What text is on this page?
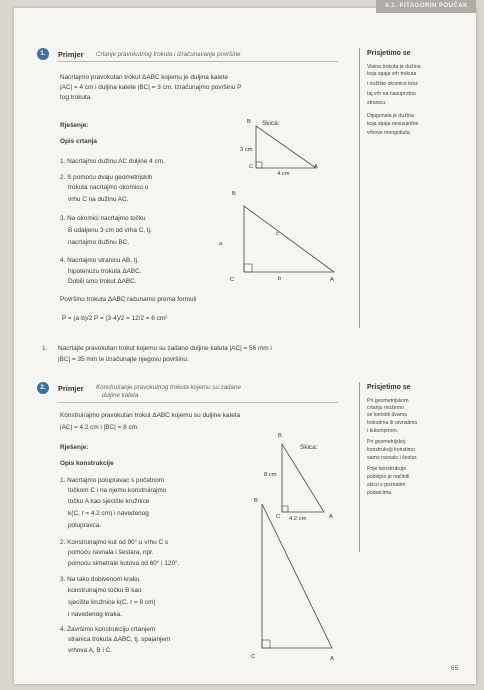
8.1. PITAGORIN POUČAK
1.	Primjer Crtanje pravokutnog trokuta i izračunavanje površine
Nacrtajmo pravokutan trokut ΔABC kojemu je duljina katete
|AC| = 4 cm i duljina katete |BC| = 3 cm. Izračunajmo površinu P
tog trokuta.
Rješenje:
Opis crtanja
1. Nacrtajmo dužinu AC duljine 4 cm.
2. S pomoću dvaju geometrijskih
trokuta nacrtajmo okomicu u
vrhu C na dužinu AC.
3. Na okomici nacrtajmo točku
B udaljenu 3 cm od vrha C, tj.
nacrtajmo dužinu BC.
4. Nacrtajmo stranicu AB, tj.
hipotenuzu trokuta ΔABC.
Dobili smo trokut ΔABC.
Površinu trokuta ΔABC računamo prema formuli
P = (a·b)/2 P = (3·4)/2 = 12/2 = 6 cm²
Skica:
B
3 cm
C
4 cm
A
B
a
c
C	b	A
Prisjetimo se
Visina trokuta je dužina
koja spaja vrh trokuta
i nožište okomice kroz
taj vrh na nasuprotnu
stranicu.
Dijagonala je dužina
koja spaja nesusjedne
vrhove mnogokuta.
1. Nacrtajte pravokutan trokut kojemu su zadane duljine kateta |AC| = 56 mm i
|BC| = 35 mm te izračunajte njegovu površinu.
2.	Primjer Konstruiranje pravokutnog trokuta kojemu su zadane
duljine kateta
Konstruirajmo pravokutan trokut ΔABC kojemu su duljine kateta
|AC| = 4.2 cm i |BC| = 8 cm.
Rješenje:
Opis konstrukcije
1. Nacrtajmo polupravac s početnom
točkom C i na njemu konstruirajmo
točku A kao sjecište kružnice
k(C, r = 4.2 cm) i navedenog
polupravca.
2. Konstruirajmo kut od 90° u vrhu C s
pomoću ravnala i šestara, npr.
pomoću simetrale kutova od 60° i 120°.
3. Na tako dobivenom kraku
konstruirajmo točku B kao
sjecište kružnice k(C, r = 8 cm)
i navedenog kraka.
4. Završimo konstrukciju crtanjem
stranica trokuta ΔABC, tj. spajanjem
vrhova A, B i C.
Skica:
B
8 cm
C 4.2 cm	A
B
C	A
Prisjetimo se
Pri geometrijskom
crtanju možemo
se koristiti dvama
trokutima ili ravnalima
i kutomjerom.
Pri geometrijskoj
konstrukciji koristimo
samo ravnalo i šestar.
Prije konstrukcije
poželjno je načiniti
skicu s poznatim
podatcima.
65
